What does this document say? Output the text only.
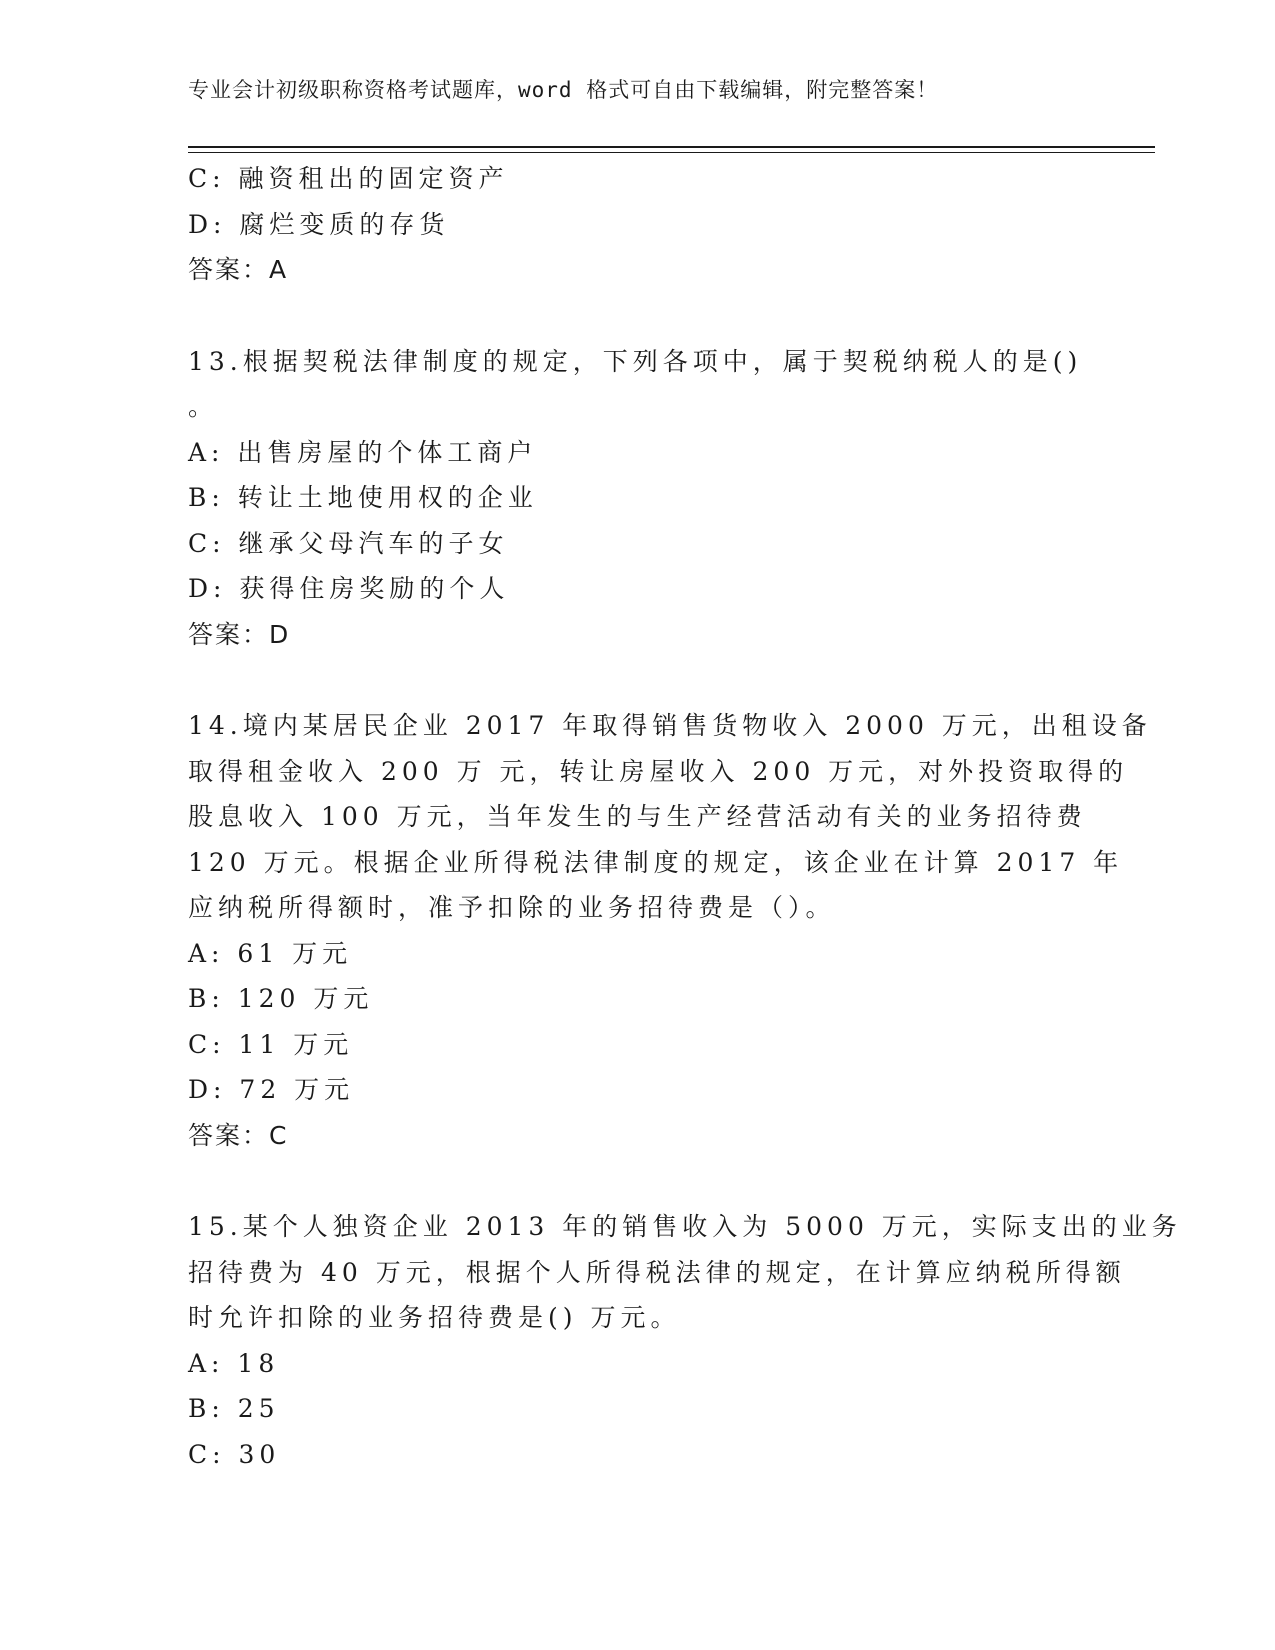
专业会计初级职称资格考试题库，word 格式可自由下载编辑，附完整答案！
C: 融资租出的固定资产
D: 腐烂变质的存货
答案：A
13.根据契税法律制度的规定，下列各项中，属于契税纳税人的是()
。
A: 出售房屋的个体工商户
B: 转让土地使用权的企业
C: 继承父母汽车的子女
D: 获得住房奖励的个人
答案：D
14.境内某居民企业 2017 年取得销售货物收入 2000 万元，出租设备
取得租金收入 200 万 元，转让房屋收入 200 万元，对外投资取得的
股息收入 100 万元，当年发生的与生产经营活动有关的业务招待费
120 万元。根据企业所得税法律制度的规定，该企业在计算 2017 年
应纳税所得额时，准予扣除的业务招待费是（）。
A: 61 万元
B: 120 万元
C: 11 万元
D: 72 万元
答案：C
15.某个人独资企业 2013 年的销售收入为 5000 万元，实际支出的业务
招待费为 40 万元，根据个人所得税法律的规定，在计算应纳税所得额
时允许扣除的业务招待费是() 万元。
A: 18
B: 25
C: 30
